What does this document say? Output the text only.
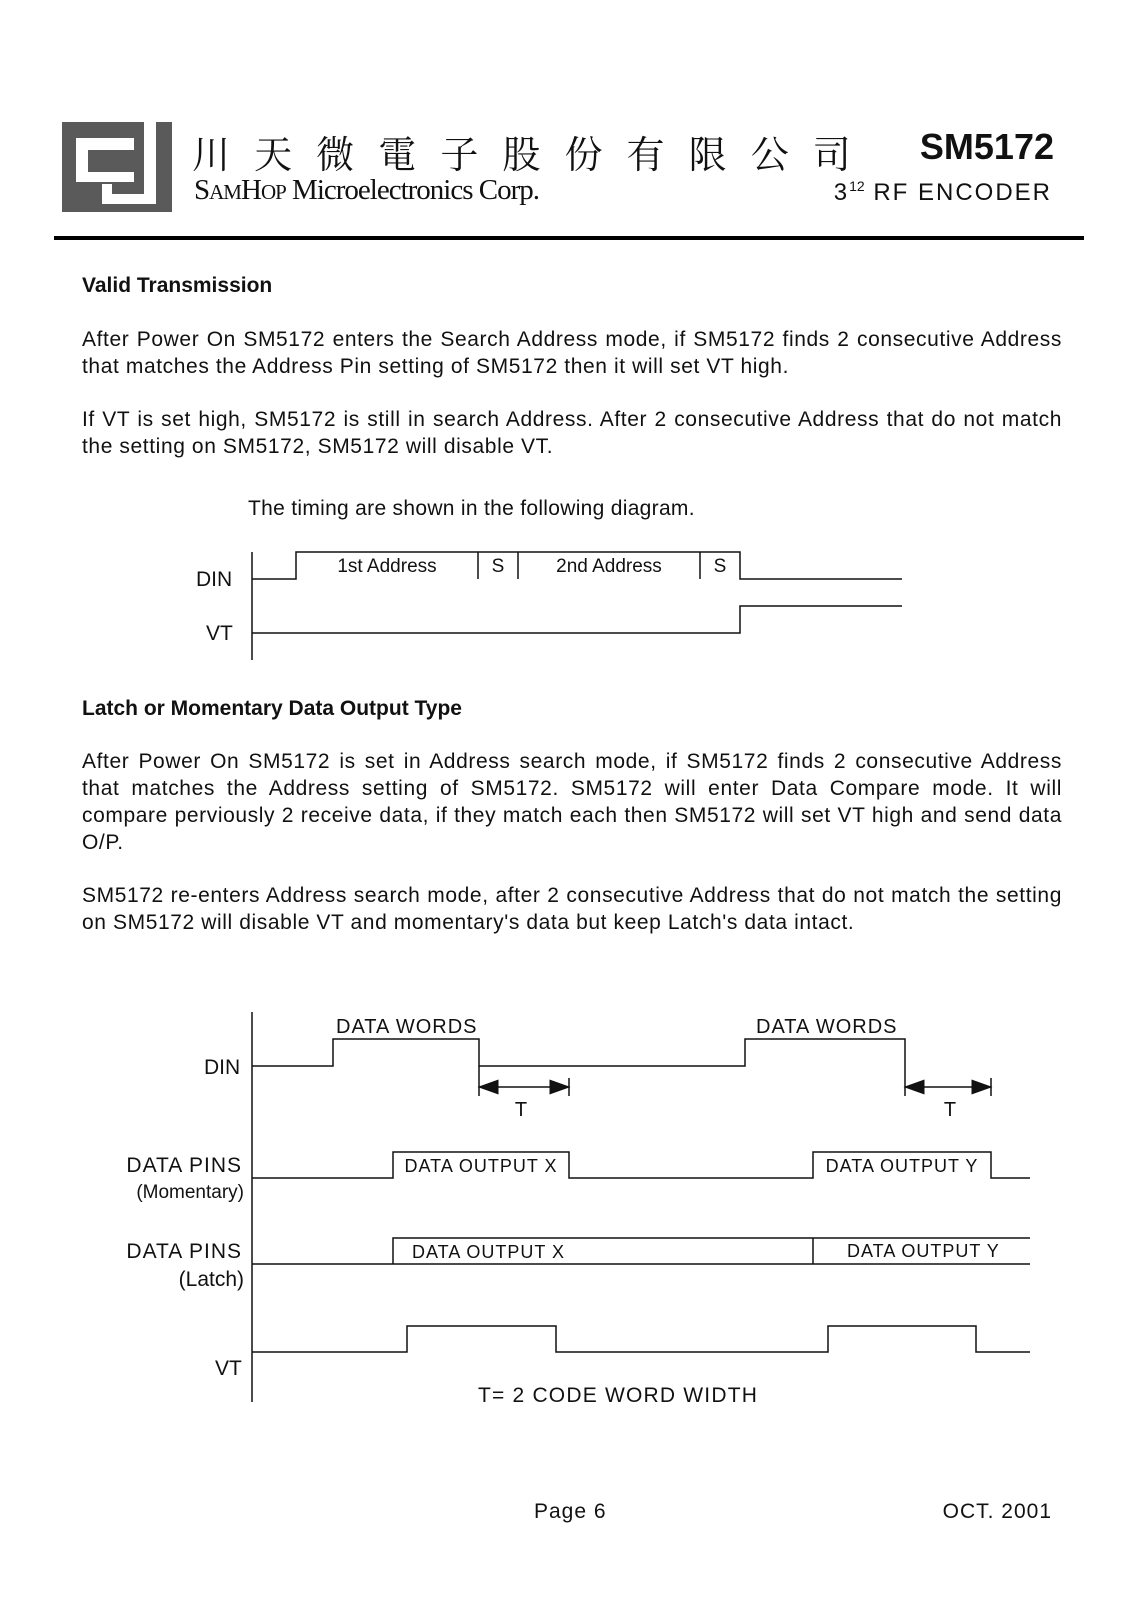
川 天 微 電 子 股 份 有 限 公 司
SAMHOP Microelectronics Corp.
SM5172
$3^{12}$ RF ENCODER
Valid Transmission
After Power On SM5172 enters the Search Address mode, if SM5172 finds 2 consecutive Address that matches the Address Pin setting of SM5172 then it will set VT high.
If VT is set high, SM5172 is still in search Address. After 2 consecutive Address that do not match the setting on SM5172, SM5172 will disable VT.
The timing are shown in the following diagram.
Latch or Momentary Data Output Type
After Power On SM5172 is set in Address search mode, if SM5172 finds 2 consecutive Address that matches the Address setting of SM5172. SM5172 will enter Data Compare mode. It will compare perviously 2 receive data, if they match each then SM5172 will set VT high and send data O/P.
SM5172 re-enters Address search mode, after 2 consecutive Address that do not match the setting on SM5172 will disable VT and momentary's data but keep Latch's data intact.
DIN
VT
1st Address	S	2nd Address	S
DATA WORDS	DATA WORDS
DIN
T	T
DATA PINS
(Momentary)
DATA OUTPUT X	DATA OUTPUT Y
DATA PINS
(Latch)
DATA OUTPUT X	DATA OUTPUT Y
VT
T= 2 CODE WORD WIDTH
Page 6	OCT. 2001
